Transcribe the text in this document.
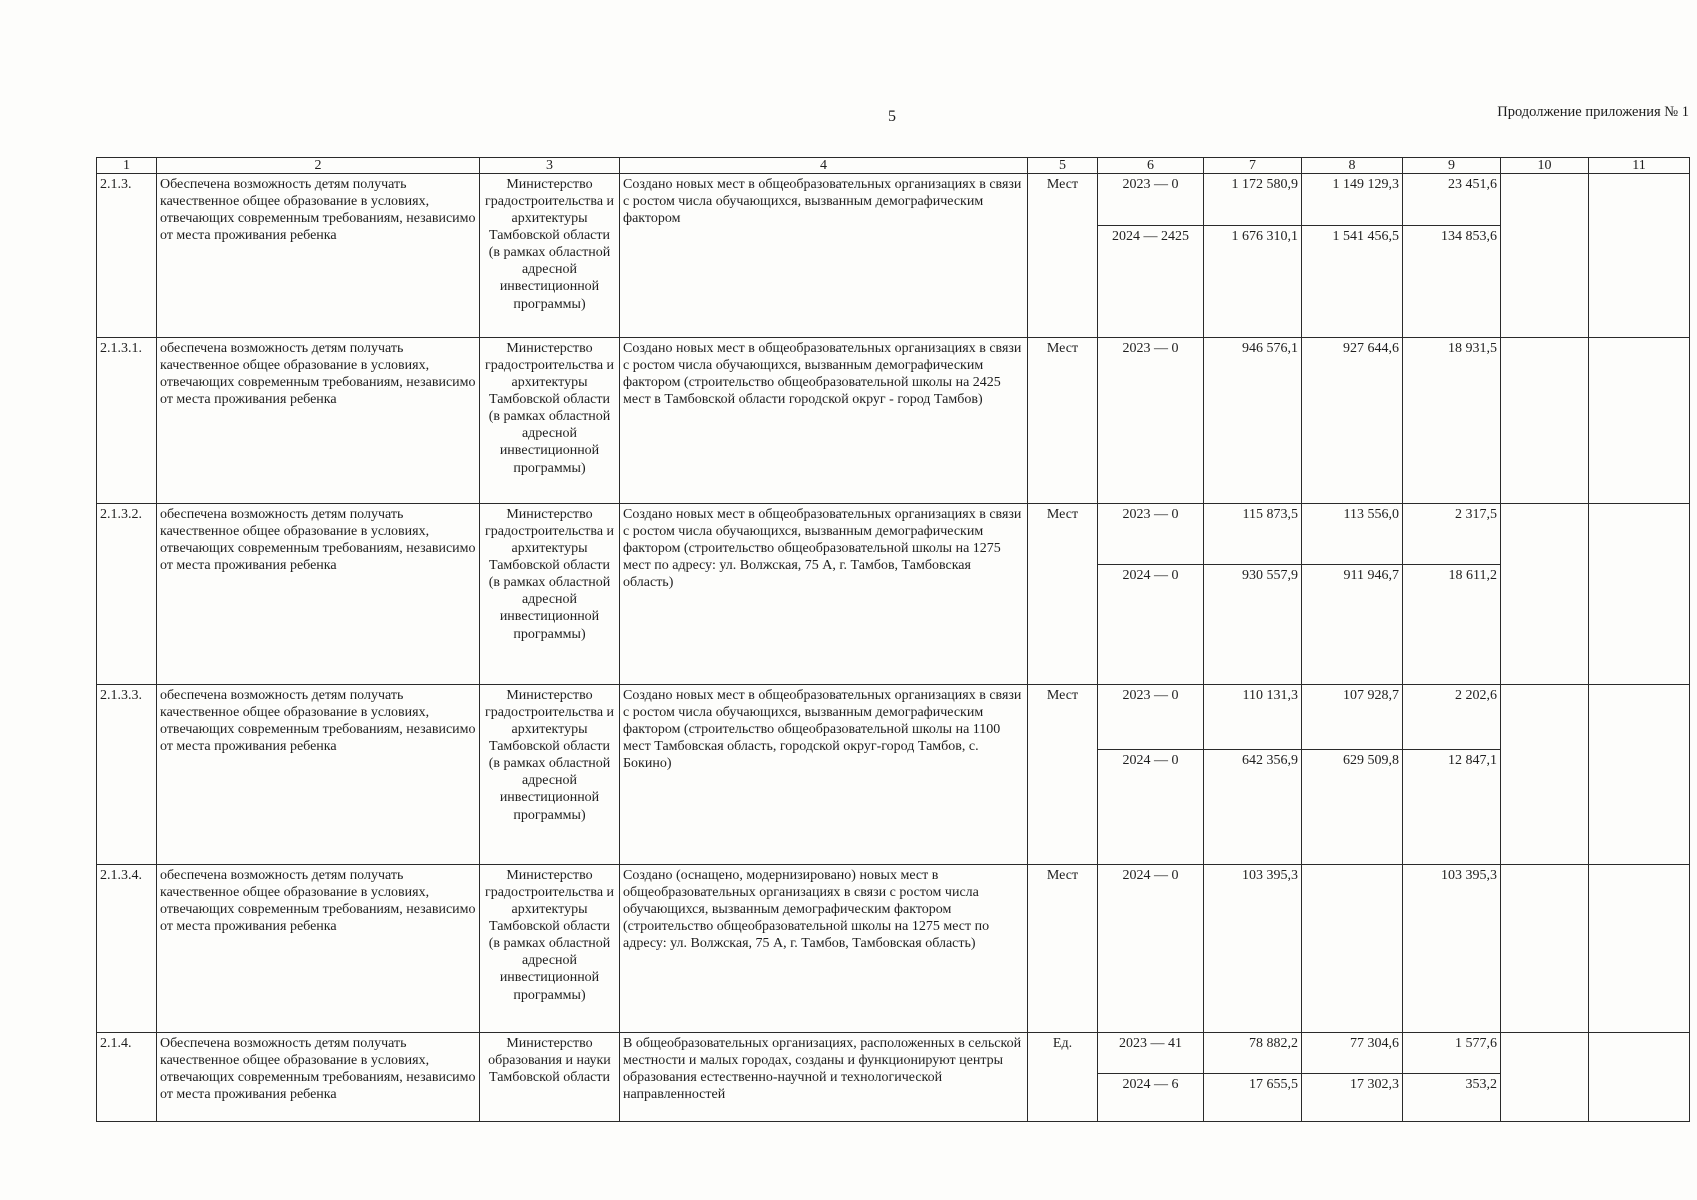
5	Продолжение приложения № 1
1	2	3	4	5	6	7	8	9	10	11
2.1.3.	Обеспечена возможность детям получать качественное общее образование в условиях, отвечающих современным требованиям, независимо от места проживания ребенка	Министерство градостроительства и архитектуры Тамбовской области (в рамках областной адресной инвестиционной программы)	Создано новых мест в общеобразовательных организациях в связи с ростом числа обучающихся, вызванным демографическим фактором	Мест	2023 — 0	1 172 580,9	1 149 129,3	23 451,6		
					2024 — 2425	1 676 310,1	1 541 456,5	134 853,6		
2.1.3.1.	обеспечена возможность детям получать качественное общее образование в условиях, отвечающих современным требованиям, независимо от места проживания ребенка	Министерство градостроительства и архитектуры Тамбовской области (в рамках областной адресной инвестиционной программы)	Создано новых мест в общеобразовательных организациях в связи с ростом числа обучающихся, вызванным демографическим фактором (строительство общеобразовательной школы на 2425 мест в Тамбовской области городской округ - город Тамбов)	Мест	2023 — 0	946 576,1	927 644,6	18 931,5		
2.1.3.2.	обеспечена возможность детям получать качественное общее образование в условиях, отвечающих современным требованиям, независимо от места проживания ребенка	Министерство градостроительства и архитектуры Тамбовской области (в рамках областной адресной инвестиционной программы)	Создано новых мест в общеобразовательных организациях в связи с ростом числа обучающихся, вызванным демографическим фактором (строительство общеобразовательной школы на 1275 мест по адресу: ул. Волжская, 75 А, г. Тамбов, Тамбовская область)	Мест	2023 — 0	115 873,5	113 556,0	2 317,5		
					2024 — 0	930 557,9	911 946,7	18 611,2		
2.1.3.3.	обеспечена возможность детям получать качественное общее образование в условиях, отвечающих современным требованиям, независимо от места проживания ребенка	Министерство градостроительства и архитектуры Тамбовской области (в рамках областной адресной инвестиционной программы)	Создано новых мест в общеобразовательных организациях в связи с ростом числа обучающихся, вызванным демографическим фактором (строительство общеобразовательной школы на 1100 мест Тамбовская область, городской округ-город Тамбов, с. Бокино)	Мест	2023 — 0	110 131,3	107 928,7	2 202,6		
					2024 — 0	642 356,9	629 509,8	12 847,1		
2.1.3.4.	обеспечена возможность детям получать качественное общее образование в условиях, отвечающих современным требованиям, независимо от места проживания ребенка	Министерство градостроительства и архитектуры Тамбовской области (в рамках областной адресной инвестиционной программы)	Создано (оснащено, модернизировано) новых мест в общеобразовательных организациях в связи с ростом числа обучающихся, вызванным демографическим фактором (строительство общеобразовательной школы на 1275 мест по адресу: ул. Волжская, 75 А, г. Тамбов, Тамбовская область)	Мест	2024 — 0	103 395,3		103 395,3		
2.1.4.	Обеспечена возможность детям получать качественное общее образование в условиях, отвечающих современным требованиям, независимо от места проживания ребенка	Министерство образования и науки Тамбовской области	В общеобразовательных организациях, расположенных в сельской местности и малых городах, созданы и функционируют центры образования естественно-научной и технологической направленностей	Ед.	2023 — 41	78 882,2	77 304,6	1 577,6		
					2024 — 6	17 655,5	17 302,3	353,2		
